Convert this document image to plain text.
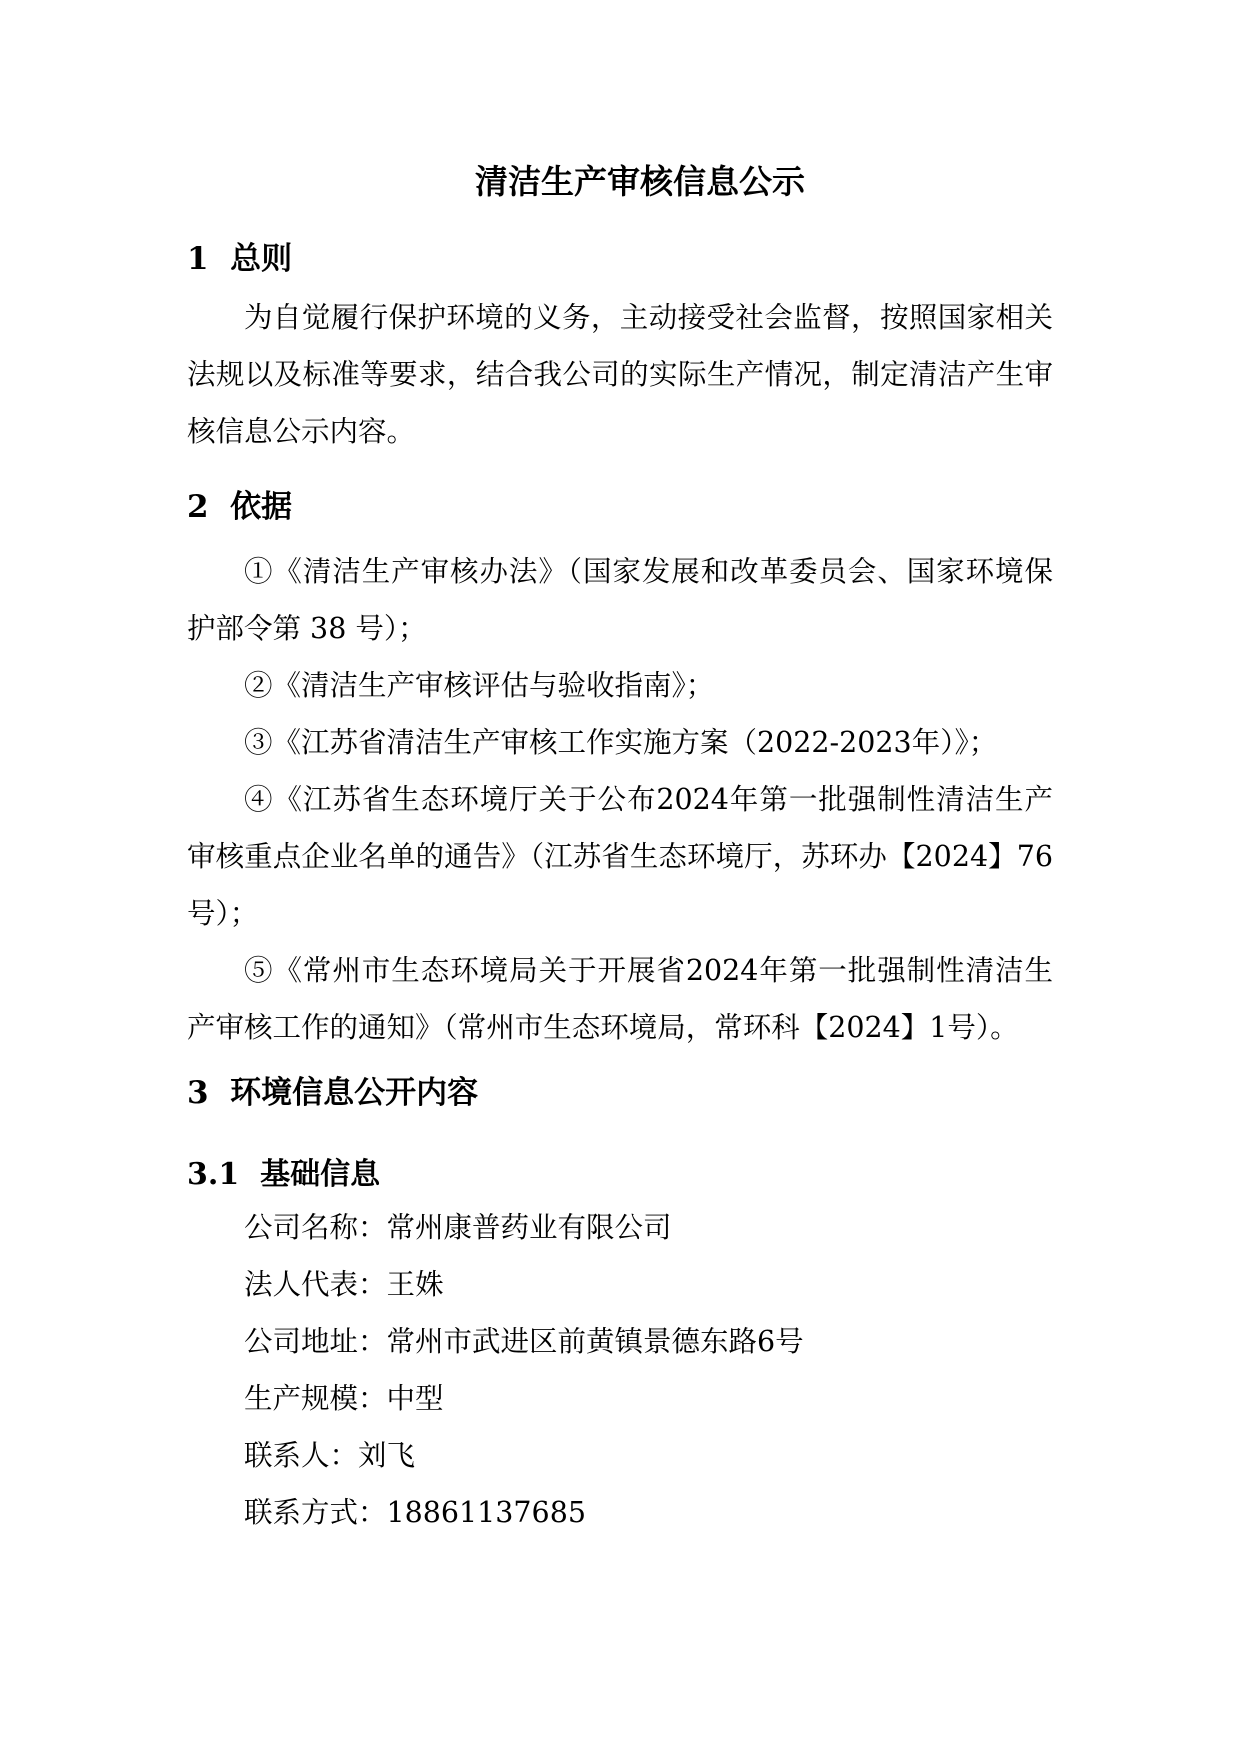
清洁生产审核信息公示
1  总则

为自觉履行保护环境的义务，主动接受社会监督，按照国家相关法规以及标准等要求，结合我公司的实际生产情况，制定清洁产生审核信息公示内容。

2  依据

①《清洁生产审核办法》（国家发展和改革委员会、国家环境保护部令第 38 号）；

②《清洁生产审核评估与验收指南》；

③《江苏省清洁生产审核工作实施方案（2022-2023年）》；

④《江苏省生态环境厅关于公布2024年第一批强制性清洁生产审核重点企业名单的通告》（江苏省生态环境厅，苏环办【2024】76号）；

⑤《常州市生态环境局关于开展省2024年第一批强制性清洁生产审核工作的通知》（常州市生态环境局，常环科【2024】1号）。

3  环境信息公开内容
3.1  基础信息

公司名称：常州康普药业有限公司

法人代表：王姝

公司地址：常州市武进区前黄镇景德东路6号

生产规模：中型

联系人：刘飞

联系方式：18861137685
